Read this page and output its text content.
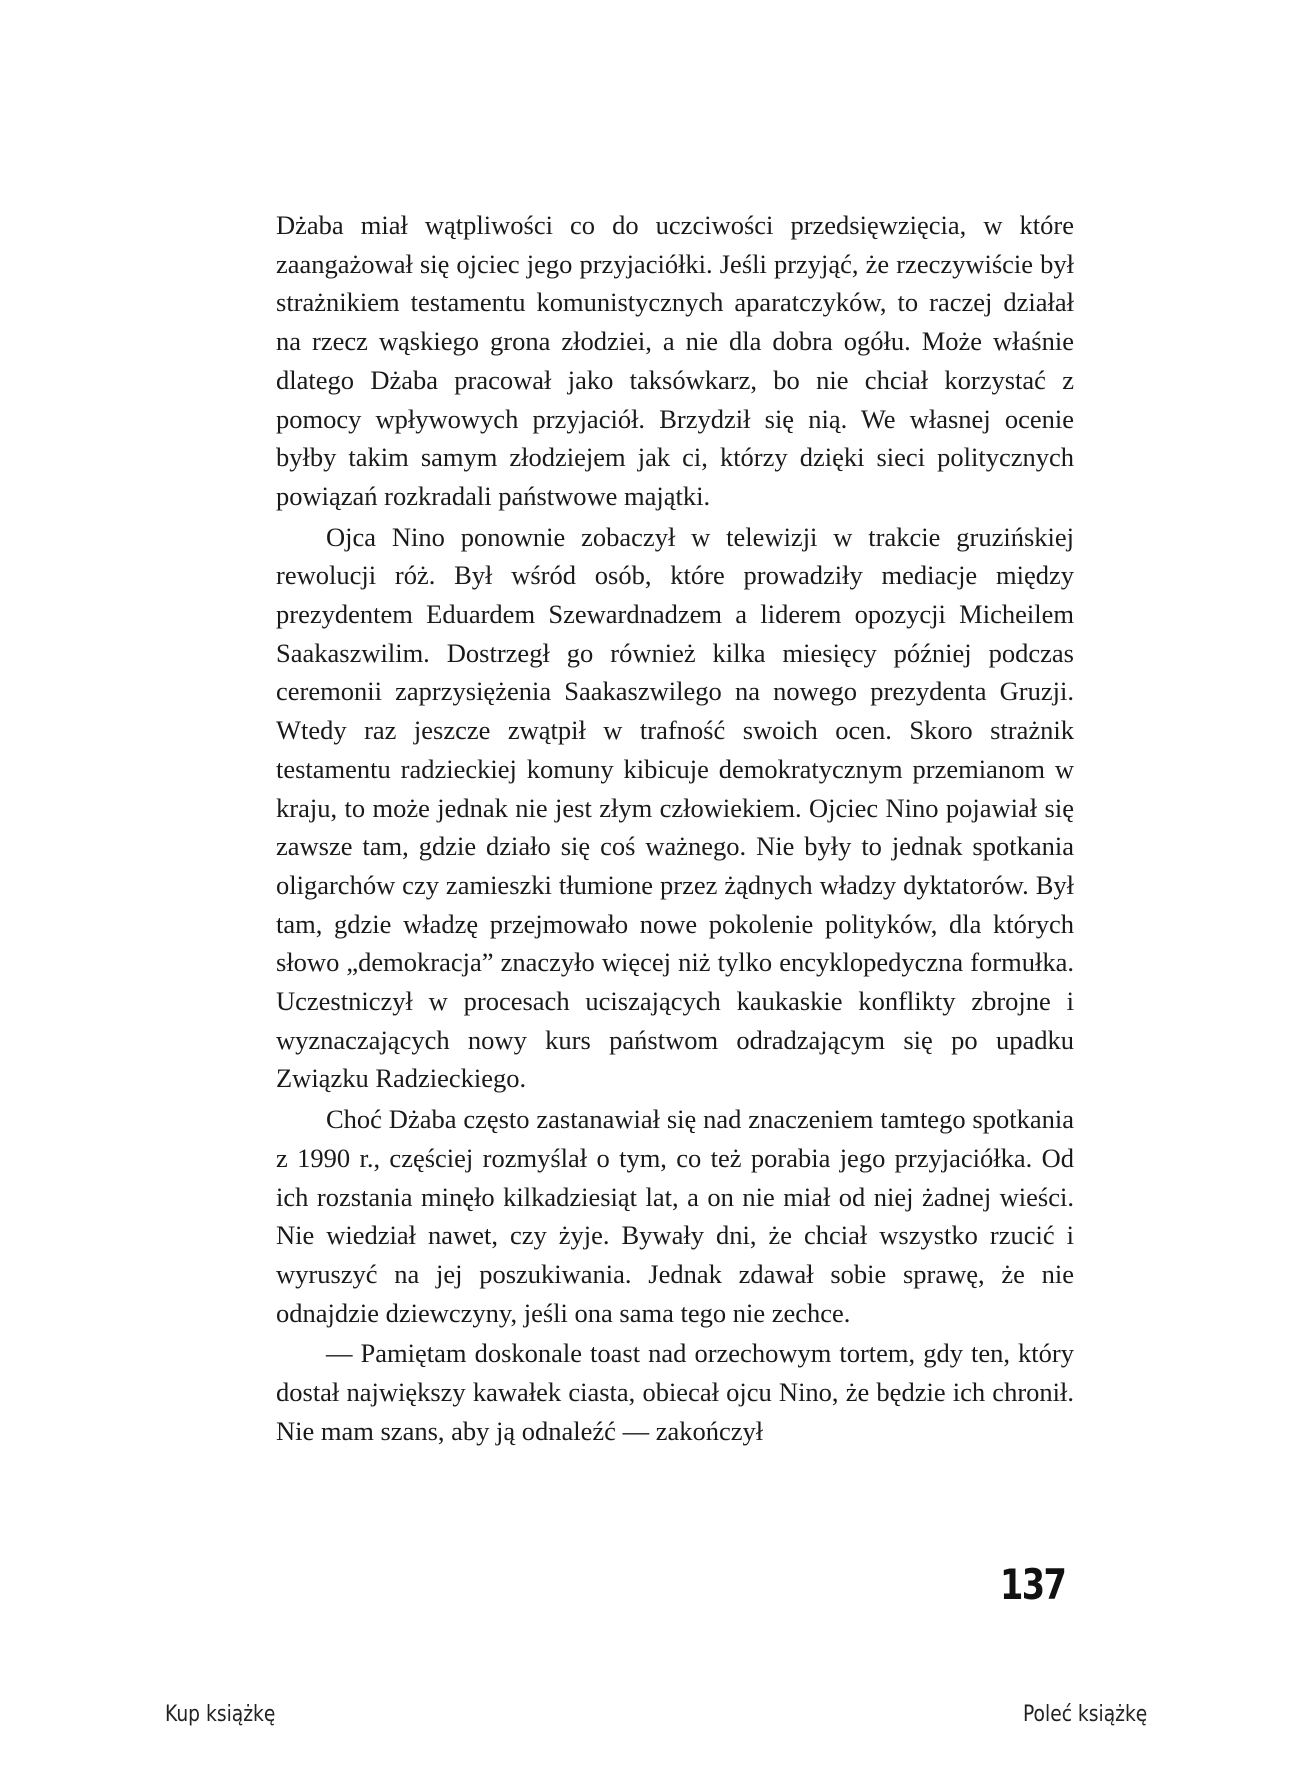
Dżaba miał wątpliwości co do uczciwości przedsięwzięcia, w które zaangażował się ojciec jego przyjaciółki. Jeśli przyjąć, że rzeczywiście był strażnikiem testamentu komunistycznych aparatczyków, to raczej działał na rzecz wąskiego grona złodziei, a nie dla dobra ogółu. Może właśnie dlatego Dżaba pracował jako taksówkarz, bo nie chciał korzystać z pomocy wpływowych przyjaciół. Brzydził się nią. We własnej ocenie byłby takim samym złodziejem jak ci, którzy dzięki sieci politycznych powiązań rozkradali państwowe majątki.

Ojca Nino ponownie zobaczył w telewizji w trakcie gruzińskiej rewolucji róż. Był wśród osób, które prowadziły mediacje między prezydentem Eduardem Szewardnadzem a liderem opozycji Micheilem Saakaszwilim. Dostrzegł go również kilka miesięcy później podczas ceremonii zaprzysiężenia Saakaszwilego na nowego prezydenta Gruzji. Wtedy raz jeszcze zwątpił w trafność swoich ocen. Skoro strażnik testamentu radzieckiej komuny kibicuje demokratycznym przemianom w kraju, to może jednak nie jest złym człowiekiem. Ojciec Nino pojawiał się zawsze tam, gdzie działo się coś ważnego. Nie były to jednak spotkania oligarchów czy zamieszki tłumione przez żądnych władzy dyktatorów. Był tam, gdzie władzę przejmowało nowe pokolenie polityków, dla których słowo „demokracja” znaczyło więcej niż tylko encyklopedyczna formułka. Uczestniczył w procesach uciszających kaukaskie konflikty zbrojne i wyznaczających nowy kurs państwom odradzającym się po upadku Związku Radzieckiego.

Choć Dżaba często zastanawiał się nad znaczeniem tamtego spotkania z 1990 r., częściej rozmyślał o tym, co też porabia jego przyjaciółka. Od ich rozstania minęło kilkadziesiąt lat, a on nie miał od niej żadnej wieści. Nie wiedział nawet, czy żyje. Bywały dni, że chciał wszystko rzucić i wyruszyć na jej poszukiwania. Jednak zdawał sobie sprawę, że nie odnajdzie dziewczyny, jeśli ona sama tego nie zechce.

— Pamiętam doskonale toast nad orzechowym tortem, gdy ten, który dostał największy kawałek ciasta, obiecał ojcu Nino, że będzie ich chronił. Nie mam szans, aby ją odnaleźć — zakończył

137
Kup książkę	Poleć książkę
